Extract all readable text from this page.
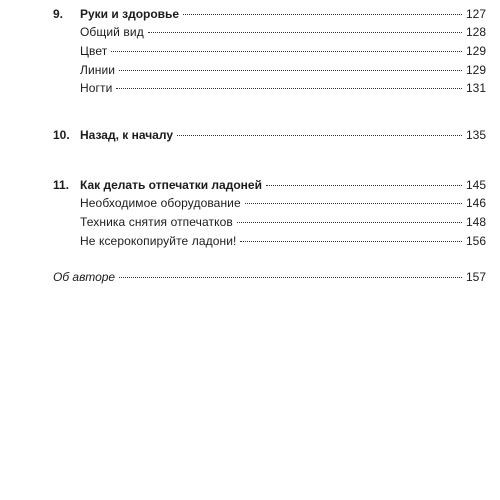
9. Руки и здоровье	127
Общий вид	128
Цвет	129
Линии	129
Ногти	131
10. Назад, к началу	135
11. Как делать отпечатки ладоней	145
Необходимое оборудование	146
Техника снятия отпечатков	148
Не ксерокопируйте ладони!	156
Об авторе	157
